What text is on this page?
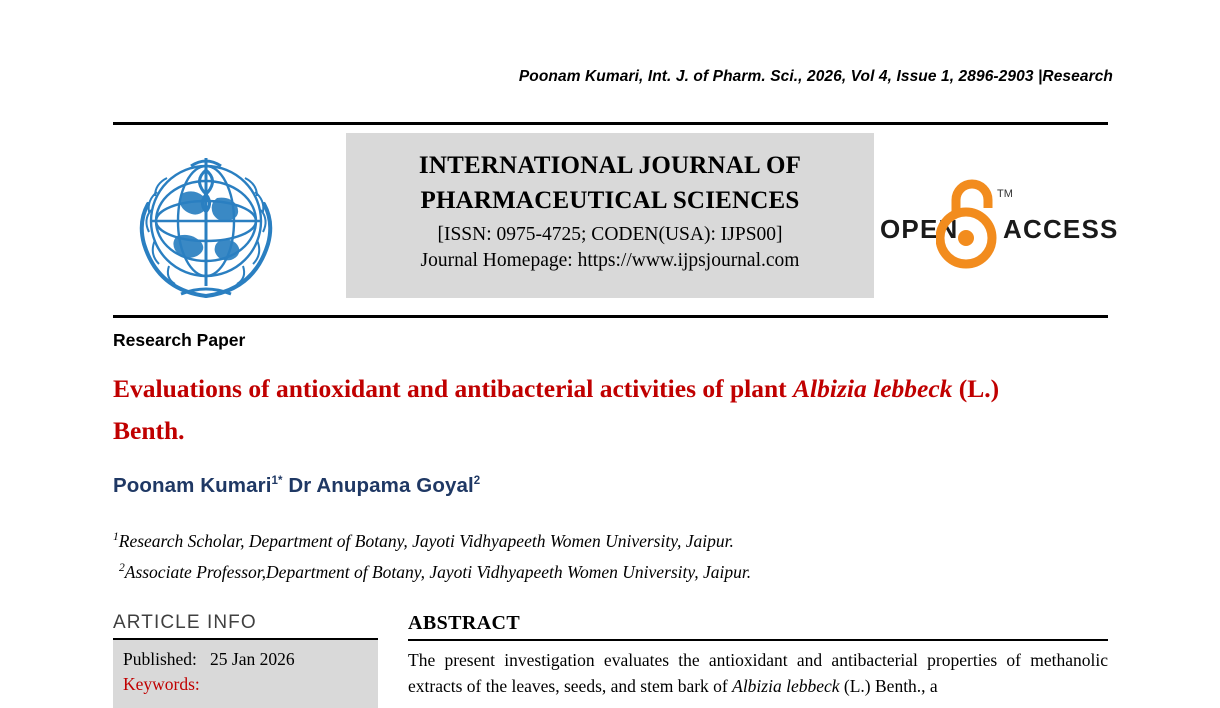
Poonam Kumari, Int. J. of Pharm. Sci., 2026, Vol 4, Issue 1, 2896-2903 |Research
INTERNATIONAL JOURNAL OF
PHARMACEUTICAL SCIENCES
[ISSN: 0975-4725; CODEN(USA): IJPS00]
Journal Homepage: https://www.ijpsjournal.com
OPEN
TM
ACCESS
Research Paper
Evaluations of antioxidant and antibacterial activities of plant Albizia lebbeck (L.) Benth.
Poonam Kumari$^{1*}$ Dr Anupama Goyal$^2$
$^1$Research Scholar, Department of Botany, Jayoti Vidhyapeeth Women University, Jaipur.
$^2$Associate Professor,Department of Botany, Jayoti Vidhyapeeth Women University, Jaipur.
ARTICLE INFO
Published: 25 Jan 2026
Keywords:
ABSTRACT
The present investigation evaluates the antioxidant and antibacterial properties of methanolic extracts of the leaves, seeds, and stem bark of Albizia lebbeck (L.) Benth., a
